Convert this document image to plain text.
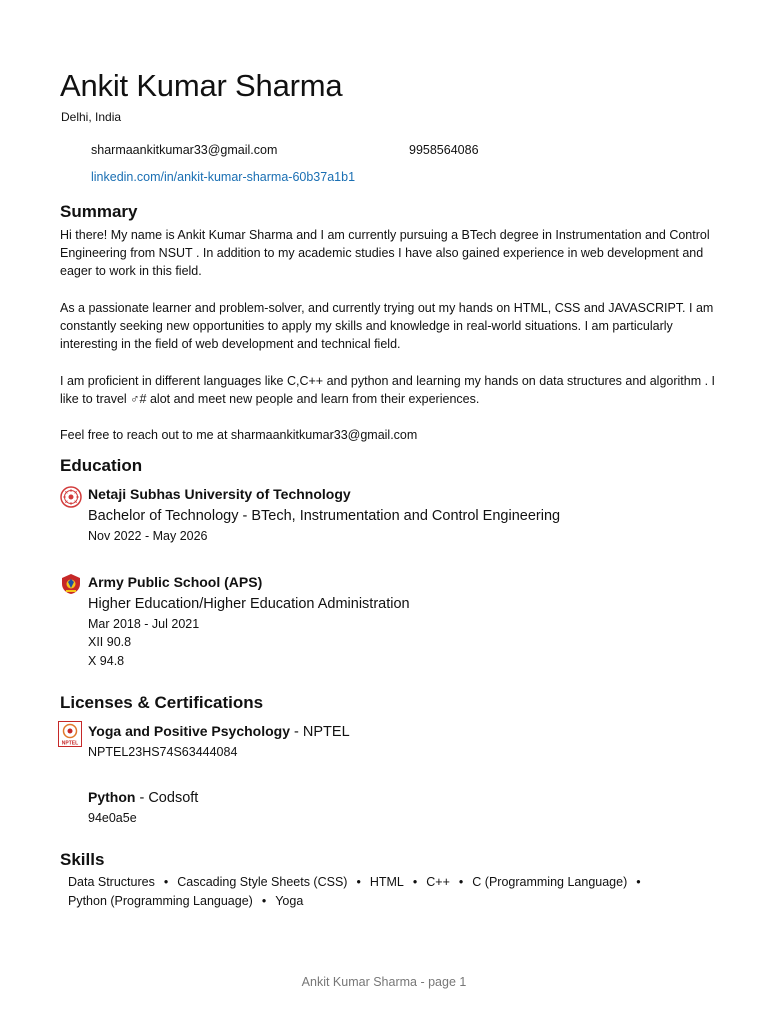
Ankit Kumar Sharma
Delhi, India
sharmaankitkumar33@gmail.com	9958564086
linkedin.com/in/ankit-kumar-sharma-60b37a1b1
Summary

Hi there! My name is Ankit Kumar Sharma and I am currently pursuing a BTech degree in Instrumentation and Control Engineering from NSUT . In addition to my academic studies I have also gained experience in web development and eager to work in this field.

As a passionate learner and problem-solver, and currently trying out my hands on HTML, CSS and JAVASCRIPT. I am constantly seeking new opportunities to apply my skills and knowledge in real-world situations. I am particularly interesting in the field of web development and technical field.

I am proficient in different languages like C,C++ and python and learning my hands on data structures and algorithm . I like to travel ♂# alot and meet new people and learn from their experiences.

Feel free to reach out to me at sharmaankitkumar33@gmail.com

Education
Netaji Subhas University of Technology
Bachelor of Technology - BTech, Instrumentation and Control Engineering
Nov 2022 - May 2026
Army Public School (APS)
Higher Education/Higher Education Administration
Mar 2018 - Jul 2021
XII 90.8
X 94.8
Licenses & Certifications
NPTEL
Yoga and Positive Psychology - NPTEL
NPTEL23HS74S63444084
Python - Codsoft
94e0a5e
Skills
Data Structures • Cascading Style Sheets (CSS) • HTML • C++ • C (Programming Language) •
Python (Programming Language) • Yoga
Ankit Kumar Sharma - page 1
